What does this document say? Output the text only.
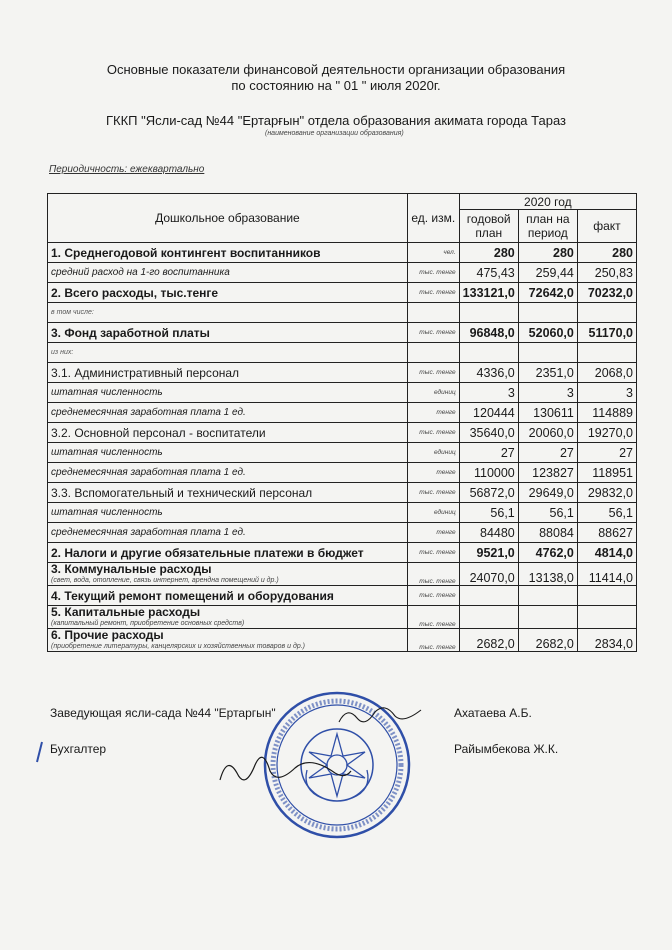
Основные показатели финансовой деятельности организации образования
по состоянию на " 01 " июля 2020г.
ГККП "Ясли-сад №44 "Ертарғын" отдела образования акимата города Тараз
(наименование организации образования)
Периодичность: ежеквартально
Дошкольное образование	ед. изм.	2020 год		
		годовой план	план на период	факт
1. Среднегодовой контингент воспитанников	чел.	280	280	280
средний расход на 1-го воспитанника	тыс. тенге	475,43	259,44	250,83
2. Всего расходы, тыс.тенге	тыс. тенге	133121,0	72642,0	70232,0
в том числе:				
3. Фонд заработной платы	тыс. тенге	96848,0	52060,0	51170,0
из них:				
3.1. Административный персонал	тыс. тенге	4336,0	2351,0	2068,0
штатная численность	единиц	3	3	3
среднемесячная заработная плата 1 ед.	тенге	120444	130611	114889
3.2. Основной персонал - воспитатели	тыс. тенге	35640,0	20060,0	19270,0
штатная численность	единиц	27	27	27
среднемесячная заработная плата 1 ед.	тенге	110000	123827	118951
3.3. Вспомогательный и технический персонал	тыс. тенге	56872,0	29649,0	29832,0
штатная численность	единиц	56,1	56,1	56,1
среднемесячная заработная плата 1 ед.	тенге	84480	88084	88627
2. Налоги и другие обязательные платежи в бюджет	тыс. тенге	9521,0	4762,0	4814,0

3. Коммунальные расходы
(свет, вода, отопление, связь интернет, арендна помещений и др.)	тыс. тенге	24070,0	13138,0	11414,0
4. Текущий ремонт помещений и оборудования	тыс. тенге			

5. Капитальные расходы
(капитальный ремонт, приобретение основных средств)	тыс. тенге			

6. Прочие расходы
(приобретение литературы, канцелярских и хозяйственных товаров и др.)	тыс. тенге	2682,0	2682,0	2834,0
Заведующая ясли-сада №44 "Ертаргын"	Ахатаева А.Б.
Бухгалтер	Райымбекова Ж.К.
